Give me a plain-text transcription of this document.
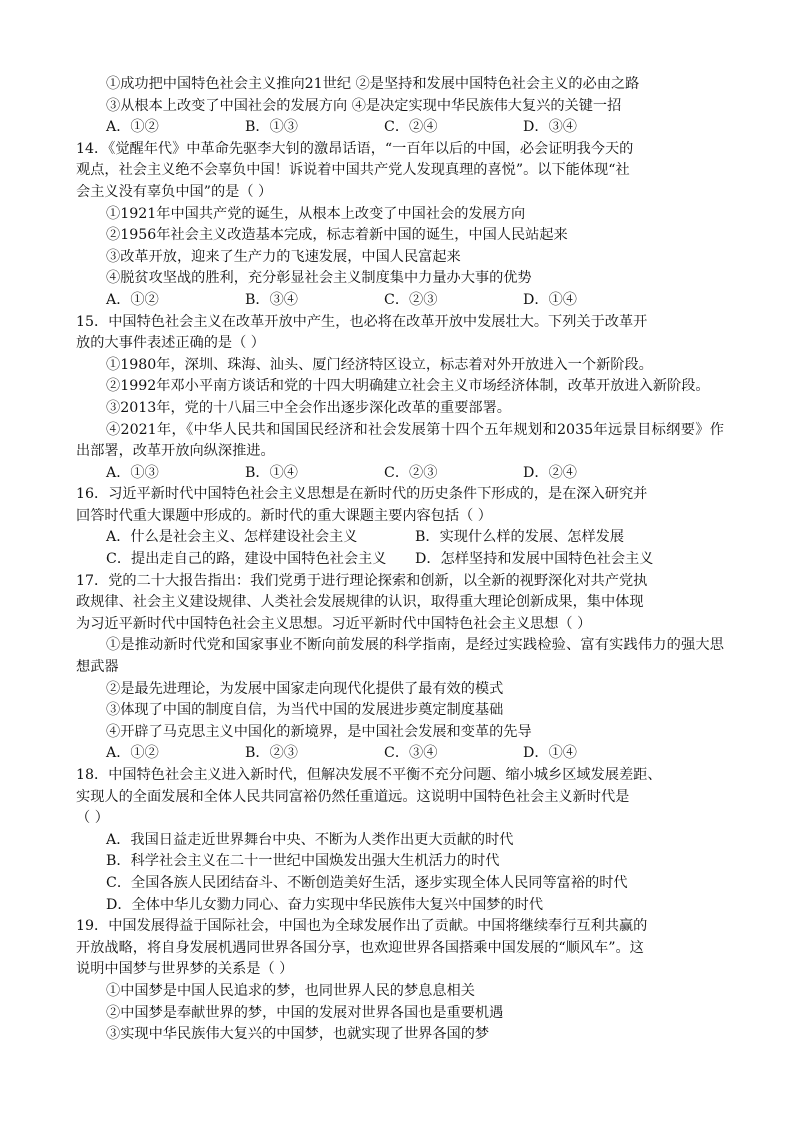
①成功把中国特色社会主义推向21世纪 ②是坚持和发展中国特色社会主义的必由之路
③从根本上改变了中国社会的发展方向 ④是决定实现中华民族伟大复兴的关键一招
A．①②	B．①③	C．②④	D．③④
14．《觉醒年代》中革命先驱李大钊的激昂话语，“一百年以后的中国，必会证明我今天的
观点，社会主义绝不会辜负中国！诉说着中国共产党人发现真理的喜悦”。以下能体现“社
会主义没有辜负中国”的是（ ）
①1921年中国共产党的诞生，从根本上改变了中国社会的发展方向
②1956年社会主义改造基本完成，标志着新中国的诞生，中国人民站起来
③改革开放，迎来了生产力的飞速发展，中国人民富起来
④脱贫攻坚战的胜利，充分彰显社会主义制度集中力量办大事的优势
A．①②	B．③④	C．②③	D．①④
15．中国特色社会主义在改革开放中产生，也必将在改革开放中发展壮大。下列关于改革开
放的大事件表述正确的是（ ）
①1980年，深圳、珠海、汕头、厦门经济特区设立，标志着对外开放进入一个新阶段。
②1992年邓小平南方谈话和党的十四大明确建立社会主义市场经济体制，改革开放进入新阶段。
③2013年，党的十八届三中全会作出逐步深化改革的重要部署。
④2021年，《中华人民共和国国民经济和社会发展第十四个五年规划和2035年远景目标纲要》作出部署，改革开放向纵深推进。
A．①③	B．①④	C．②③	D．②④
16．习近平新时代中国特色社会主义思想是在新时代的历史条件下形成的，是在深入研究并
回答时代重大课题中形成的。新时代的重大课题主要内容包括（ ）
A．什么是社会主义、怎样建设社会主义	B．实现什么样的发展、怎样发展
C．提出走自己的路，建设中国特色社会主义	D．怎样坚持和发展中国特色社会主义
17．党的二十大报告指出：我们党勇于进行理论探索和创新，以全新的视野深化对共产党执
政规律、社会主义建设规律、人类社会发展规律的认识，取得重大理论创新成果，集中体现
为习近平新时代中国特色社会主义思想。习近平新时代中国特色社会主义思想（ ）
①是推动新时代党和国家事业不断向前发展的科学指南，是经过实践检验、富有实践伟力的强大思想武器
②是最先进理论，为发展中国家走向现代化提供了最有效的模式
③体现了中国的制度自信，为当代中国的发展进步奠定制度基础
④开辟了马克思主义中国化的新境界，是中国社会发展和变革的先导
A．①②	B．②③	C．③④	D．①④
18．中国特色社会主义进入新时代，但解决发展不平衡不充分问题、缩小城乡区域发展差距、
实现人的全面发展和全体人民共同富裕仍然任重道远。这说明中国特色社会主义新时代是
（ ）
A．我国日益走近世界舞台中央、不断为人类作出更大贡献的时代
B．科学社会主义在二十一世纪中国焕发出强大生机活力的时代
C．全国各族人民团结奋斗、不断创造美好生活，逐步实现全体人民同等富裕的时代
D．全体中华儿女勠力同心、奋力实现中华民族伟大复兴中国梦的时代
19．中国发展得益于国际社会，中国也为全球发展作出了贡献。中国将继续奉行互利共赢的
开放战略，将自身发展机遇同世界各国分享，也欢迎世界各国搭乘中国发展的“顺风车”。这
说明中国梦与世界梦的关系是（ ）
①中国梦是中国人民追求的梦，也同世界人民的梦息息相关
②中国梦是奉献世界的梦，中国的发展对世界各国也是重要机遇
③实现中华民族伟大复兴的中国梦，也就实现了世界各国的梦
